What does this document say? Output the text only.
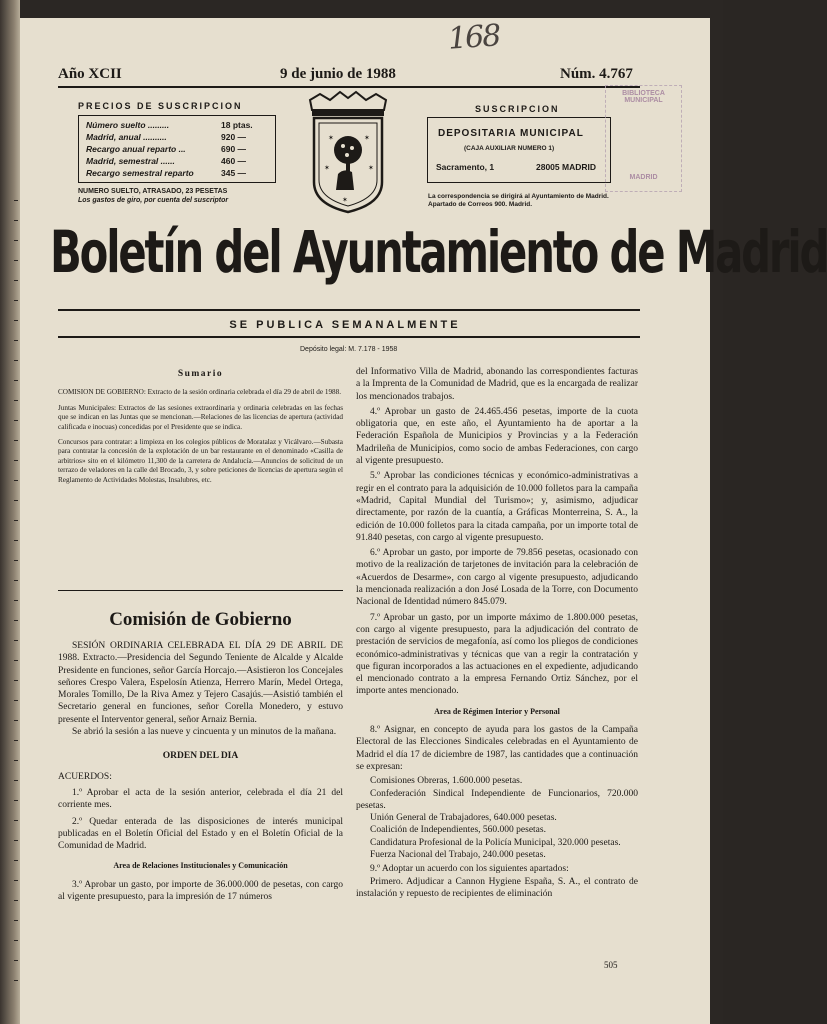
168
Año XCII	9 de junio de 1988	Núm. 4.767
PRECIOS DE SUSCRIPCION
Número suelto .........	18 ptas.
Madrid, anual ..........	920 —
Recargo anual reparto ...	690 —
Madrid, semestral ......	460 —
Recargo semestral reparto	345 —
NUMERO SUELTO, ATRASADO, 23 PESETAS
Los gastos de giro, por cuenta del suscriptor
✶	✶
✶	✶
✶
SUSCRIPCION
DEPOSITARIA MUNICIPAL
(CAJA AUXILIAR NUMERO 1)
Sacramento, 1	28005 MADRID
La correspondencia se dirigirá al Ayuntamiento de Madrid. Apartado de Correos 900. Madrid.
BIBLIOTECA
MUNICIPAL
MADRID
Boletín del Ayuntamiento de Madrid
SE PUBLICA SEMANALMENTE
Depósito legal: M. 7.178 - 1958
Sumario

COMISION DE GOBIERNO: Extracto de la sesión ordinaria celebrada el día 29 de abril de 1988.

Juntas Municipales: Extractos de las sesiones extraordinaria y ordinaria celebradas en las fechas que se indican en las Juntas que se mencionan.—Relaciones de las licencias de apertura (actividad calificada e inocuas) concedidas por el Presidente que se indica.

Concursos para contratar: a limpieza en los colegios públicos de Moratalaz y Vicálvaro.—Subasta para contratar la concesión de la explotación de un bar restaurante en el denominado «Casilla de arbitrios» sito en el kilómetro 11,300 de la carretera de Andalucía.—Anuncios de solicitud de un terrazo de veladores en la calle del Brocado, 3, y sobre peticiones de licencias de apertura según el Reglamento de Actividades Molestas, Insalubres, etc.

Comisión de Gobierno

SESIÓN ORDINARIA CELEBRADA EL DÍA 29 DE ABRIL DE 1988. Extracto.—Presidencia del Segundo Teniente de Alcalde y Alcalde Presidente en funciones, señor García Horcajo.—Asistieron los Concejales señores Crespo Valera, Espelosín Atienza, Herrero Marín, Medel Ortega, Morales Tomillo, De la Riva Amez y Tejero Casajús.—Asistió también el Secretario general en funciones, señor Corella Monedero, y estuvo presente el Interventor general, señor Arnaiz Bernia.

Se abrió la sesión a las nueve y cincuenta y un minutos de la mañana.

ORDEN DEL DIA

ACUERDOS:

1.º Aprobar el acta de la sesión anterior, celebrada el día 21 del corriente mes.

2.º Quedar enterada de las disposiciones de interés municipal publicadas en el Boletín Oficial del Estado y en el Boletín Oficial de la Comunidad de Madrid.

Area de Relaciones Institucionales y Comunicación

3.º Aprobar un gasto, por importe de 36.000.000 de pesetas, con cargo al vigente presupuesto, para la impresión de 17 números

del Informativo Villa de Madrid, abonando las correspondientes facturas a la Imprenta de la Comunidad de Madrid, que es la encargada de realizar los mencionados trabajos.

4.º Aprobar un gasto de 24.465.456 pesetas, importe de la cuota obligatoria que, en este año, el Ayuntamiento ha de aportar a la Federación Española de Municipios y Provincias y a la Federación Madrileña de Municipios, como socio de ambas Federaciones, con cargo al vigente presupuesto.

5.º Aprobar las condiciones técnicas y económico-administrativas a regir en el contrato para la adquisición de 10.000 folletos para la campaña «Madrid, Capital Mundial del Turismo»; y, asimismo, adjudicar directamente, por razón de la cuantía, a Gráficas Monterreina, S. A., la edición de 10.000 folletos para la citada campaña, por un importe total de 91.840 pesetas, con cargo al vigente presupuesto.

6.º Aprobar un gasto, por importe de 79.856 pesetas, ocasionado con motivo de la realización de tarjetones de invitación para la celebración de «Acuerdos de Desarme», con cargo al vigente presupuesto, adjudicando la mencionada realización a don José Losada de la Torre, con Documento Nacional de Identidad número 845.079.

7.º Aprobar un gasto, por un importe máximo de 1.800.000 pesetas, con cargo al vigente presupuesto, para la adjudicación del contrato de prestación de servicios de megafonía, así como los pliegos de condiciones económico-administrativas y técnicas que van a regir la contratación y que figuran incorporados a las actuaciones en el expediente, adjudicando el mencionado contrato a la empresa Fernando Ortiz Sánchez, por el importe antes mencionado.

Area de Régimen Interior y Personal

8.º Asignar, en concepto de ayuda para los gastos de la Campaña Electoral de las Elecciones Sindicales celebradas en el Ayuntamiento de Madrid el día 17 de diciembre de 1987, las cantidades que a continuación se expresan:

Comisiones Obreras, 1.600.000 pesetas.

Confederación Sindical Independiente de Funcionarios, 720.000 pesetas.

Unión General de Trabajadores, 640.000 pesetas.

Coalición de Independientes, 560.000 pesetas.

Candidatura Profesional de la Policía Municipal, 320.000 pesetas.

Fuerza Nacional del Trabajo, 240.000 pesetas.

9.º Adoptar un acuerdo con los siguientes apartados:

Primero. Adjudicar a Cannon Hygiene España, S. A., el contrato de instalación y repuesto de recipientes de eliminación

505
